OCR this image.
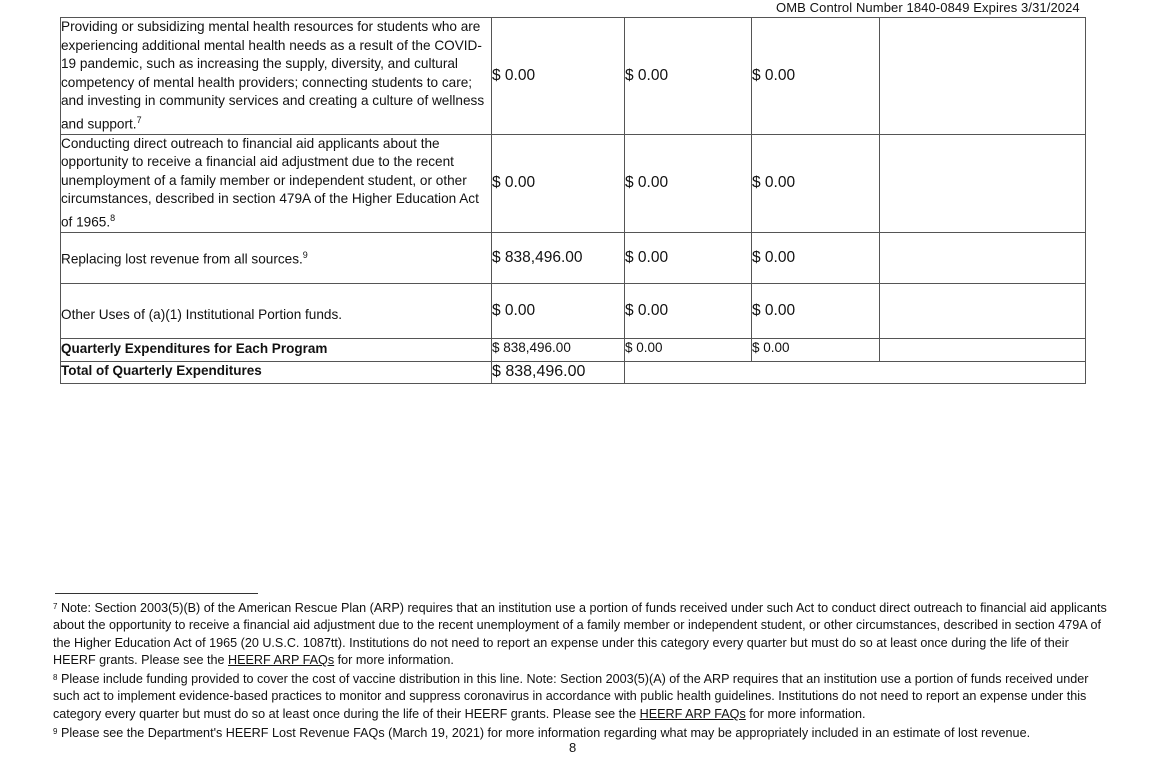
OMB Control Number 1840-0849 Expires 3/31/2024
Providing or subsidizing mental health resources for students who are experiencing additional mental health needs as a result of the COVID-19 pandemic, such as increasing the supply, diversity, and cultural competency of mental health providers; connecting students to care; and investing in community services and creating a culture of wellness and support.$^7$	$ 0.00	$ 0.00	$ 0.00	
Conducting direct outreach to financial aid applicants about the opportunity to receive a financial aid adjustment due to the recent unemployment of a family member or independent student, or other circumstances, described in section 479A of the Higher Education Act of 1965.$^8$	$ 0.00	$ 0.00	$ 0.00	
Replacing lost revenue from all sources.$^9$	$ 838,496.00	$ 0.00	$ 0.00	
Other Uses of (a)(1) Institutional Portion funds.	$ 0.00	$ 0.00	$ 0.00	
Quarterly Expenditures for Each Program	$ 838,496.00	$ 0.00	$ 0.00	
Total of Quarterly Expenditures	$ 838,496.00			

$^7$ Note: Section 2003(5)(B) of the American Rescue Plan (ARP) requires that an institution use a portion of funds received under such Act to conduct direct outreach to financial aid applicants about the opportunity to receive a financial aid adjustment due to the recent unemployment of a family member or independent student, or other circumstances, described in section 479A of the Higher Education Act of 1965 (20 U.S.C. 1087tt). Institutions do not need to report an expense under this category every quarter but must do so at least once during the life of their HEERF grants. Please see the HEERF ARP FAQs for more information.

$^8$ Please include funding provided to cover the cost of vaccine distribution in this line. Note: Section 2003(5)(A) of the ARP requires that an institution use a portion of funds received under such act to implement evidence-based practices to monitor and suppress coronavirus in accordance with public health guidelines. Institutions do not need to report an expense under this category every quarter but must do so at least once during the life of their HEERF grants. Please see the HEERF ARP FAQs for more information.

$^9$ Please see the Department's HEERF Lost Revenue FAQs (March 19, 2021) for more information regarding what may be appropriately included in an estimate of lost revenue.

8
